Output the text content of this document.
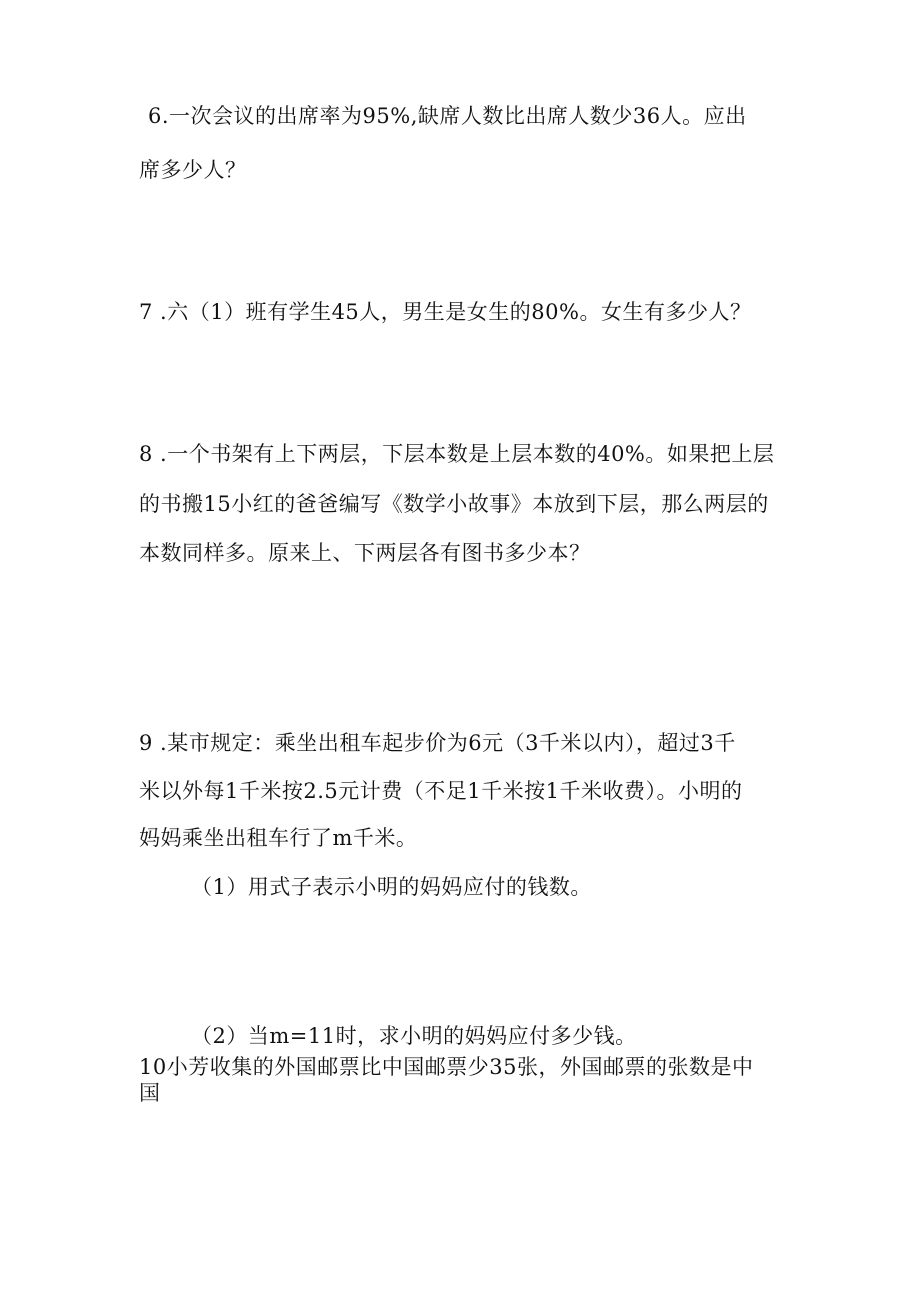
6.一次会议的出席率为95%,缺席人数比出席人数少36人。应出
席多少人？
7 .六（1）班有学生45人，男生是女生的80%。女生有多少人？
8 .一个书架有上下两层，下层本数是上层本数的40%。如果把上层
的书搬15小红的爸爸编写《数学小故事》本放到下层，那么两层的
本数同样多。原来上、下两层各有图书多少本？
9 .某市规定：乘坐出租车起步价为6元（3千米以内），超过3千
米以外每1千米按2.5元计费（不足1千米按1千米收费）。小明的
妈妈乘坐出租车行了m千米。
（1）用式子表示小明的妈妈应付的钱数。
（2）当m=11时，求小明的妈妈应付多少钱。
10小芳收集的外国邮票比中国邮票少35张，外国邮票的张数是中
国
